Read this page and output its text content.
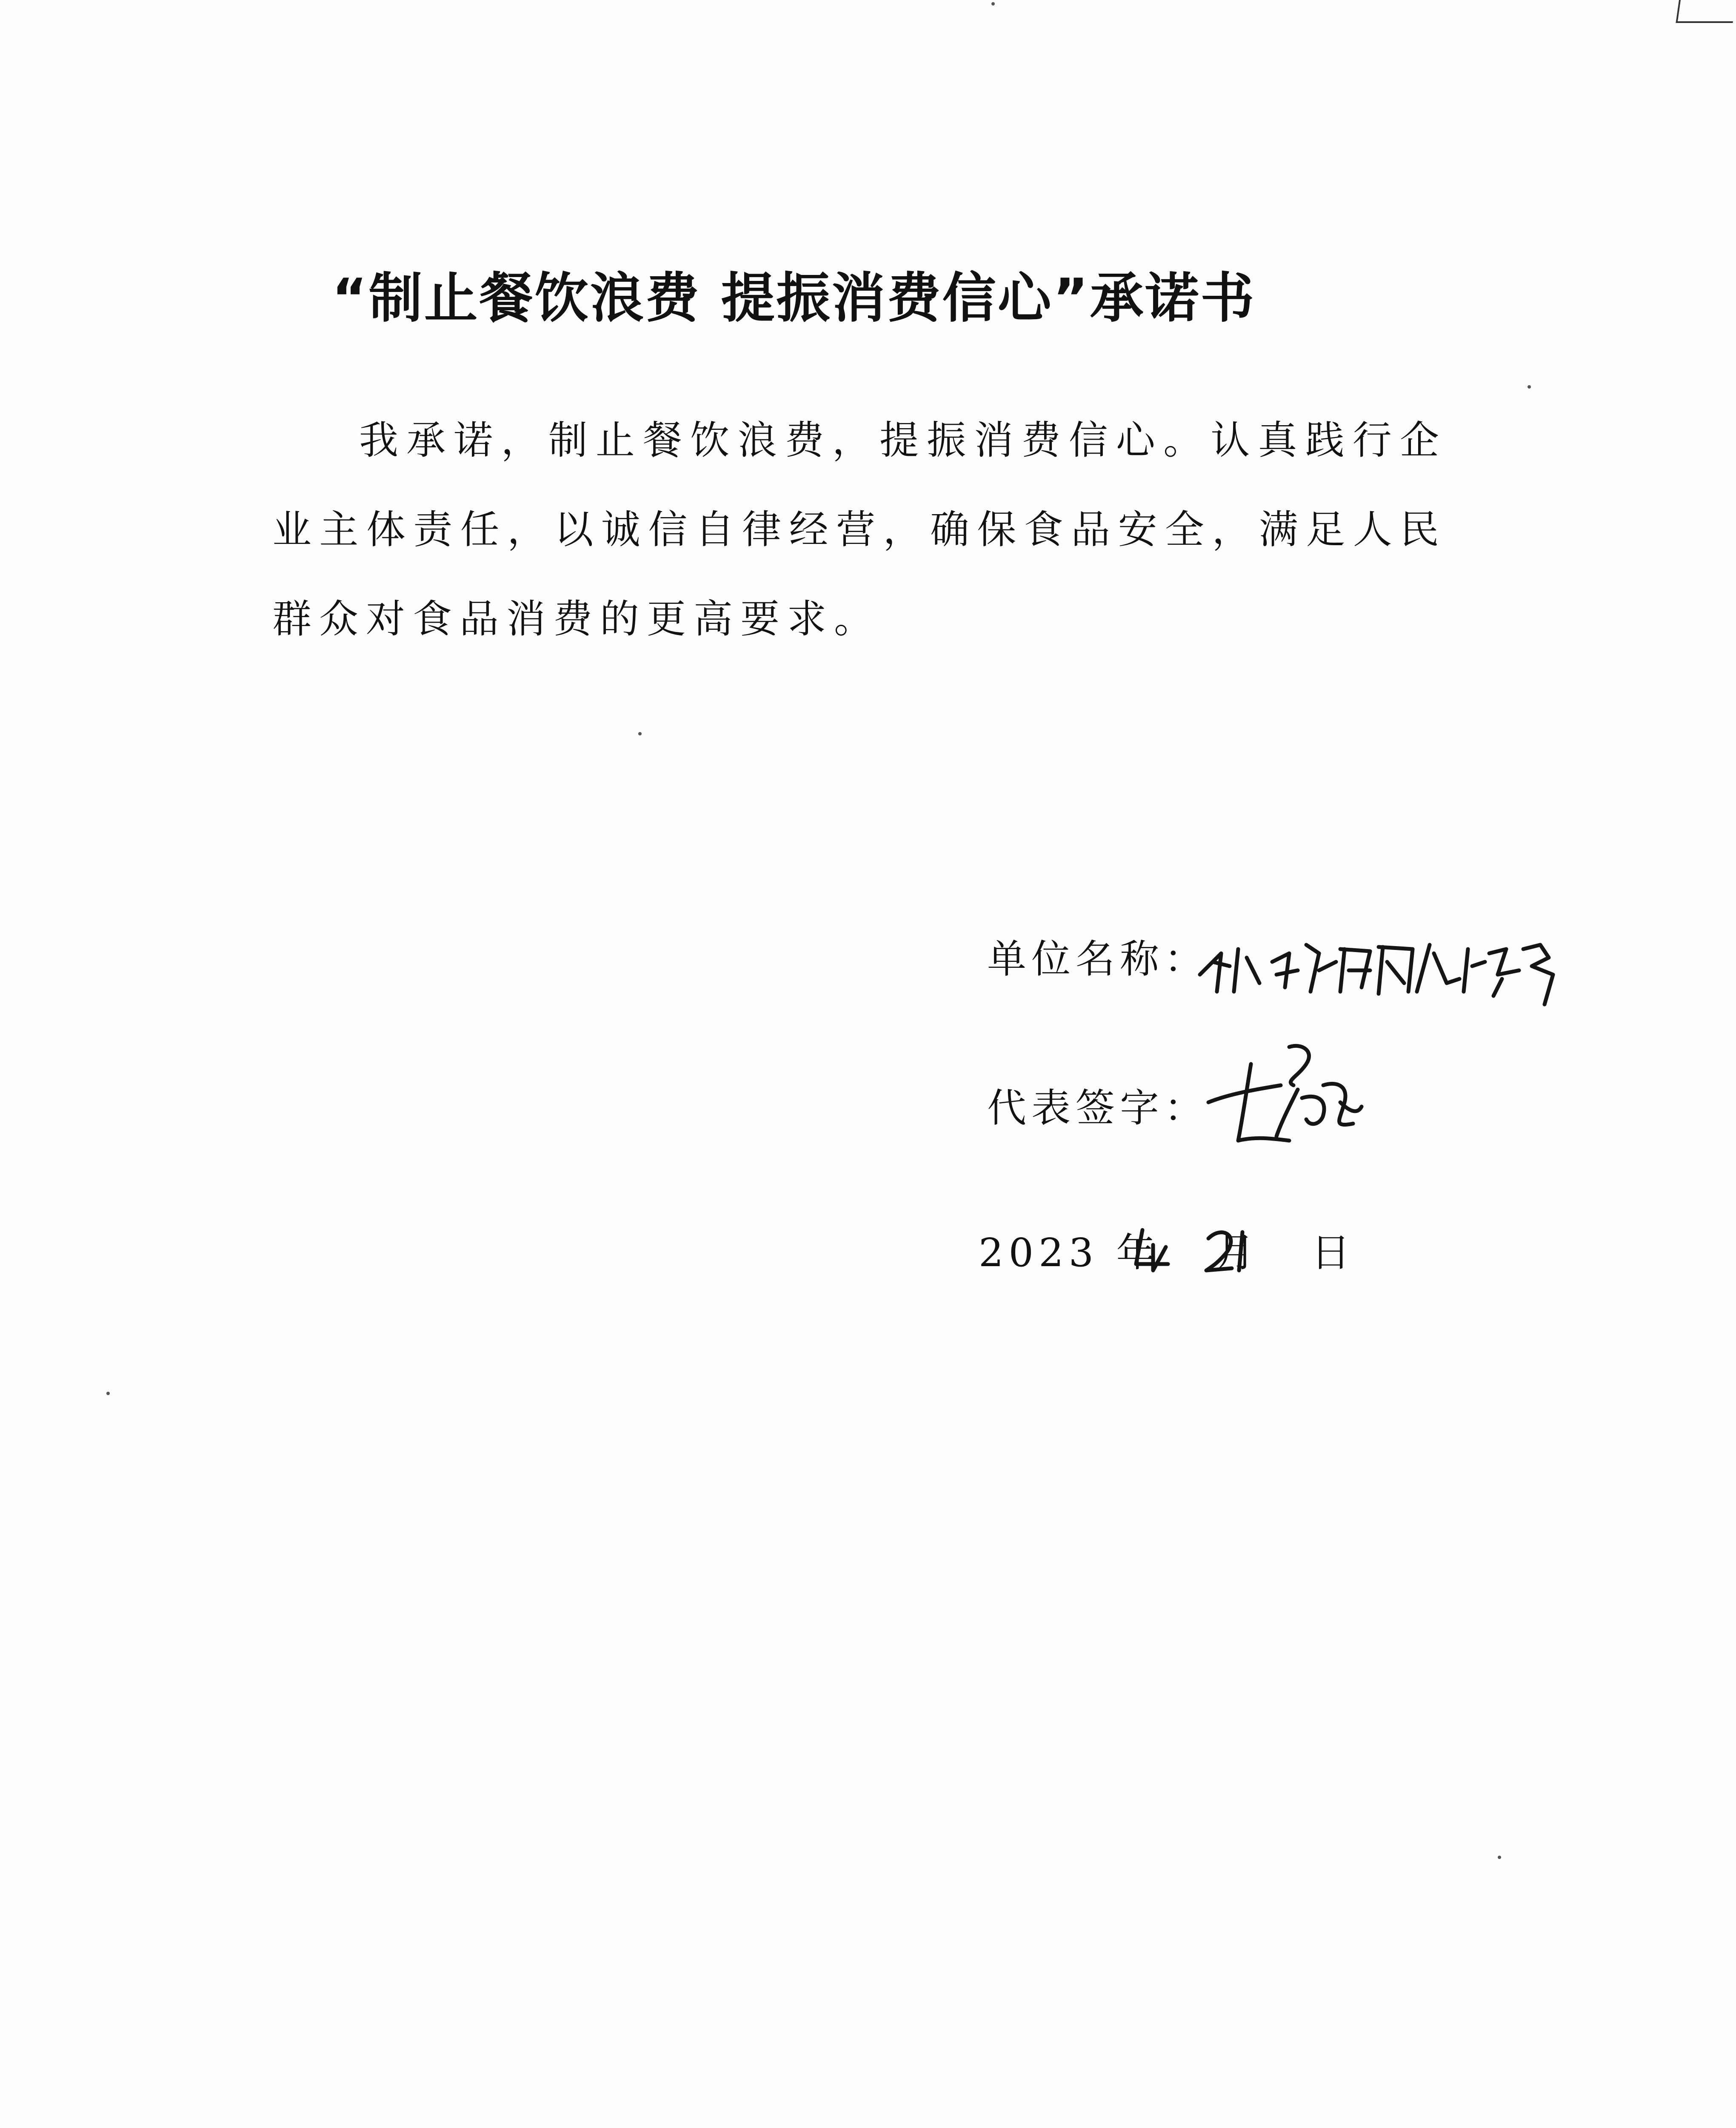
“制止餐饮浪费 提振消费信心”承诺书
我承诺，制止餐饮浪费，提振消费信心。认真践行企业主体责任，以诚信自律经营，确保食品安全，满足人民群众对食品消费的更高要求。
单位名称：
代表签字：
2023 年 月 日
